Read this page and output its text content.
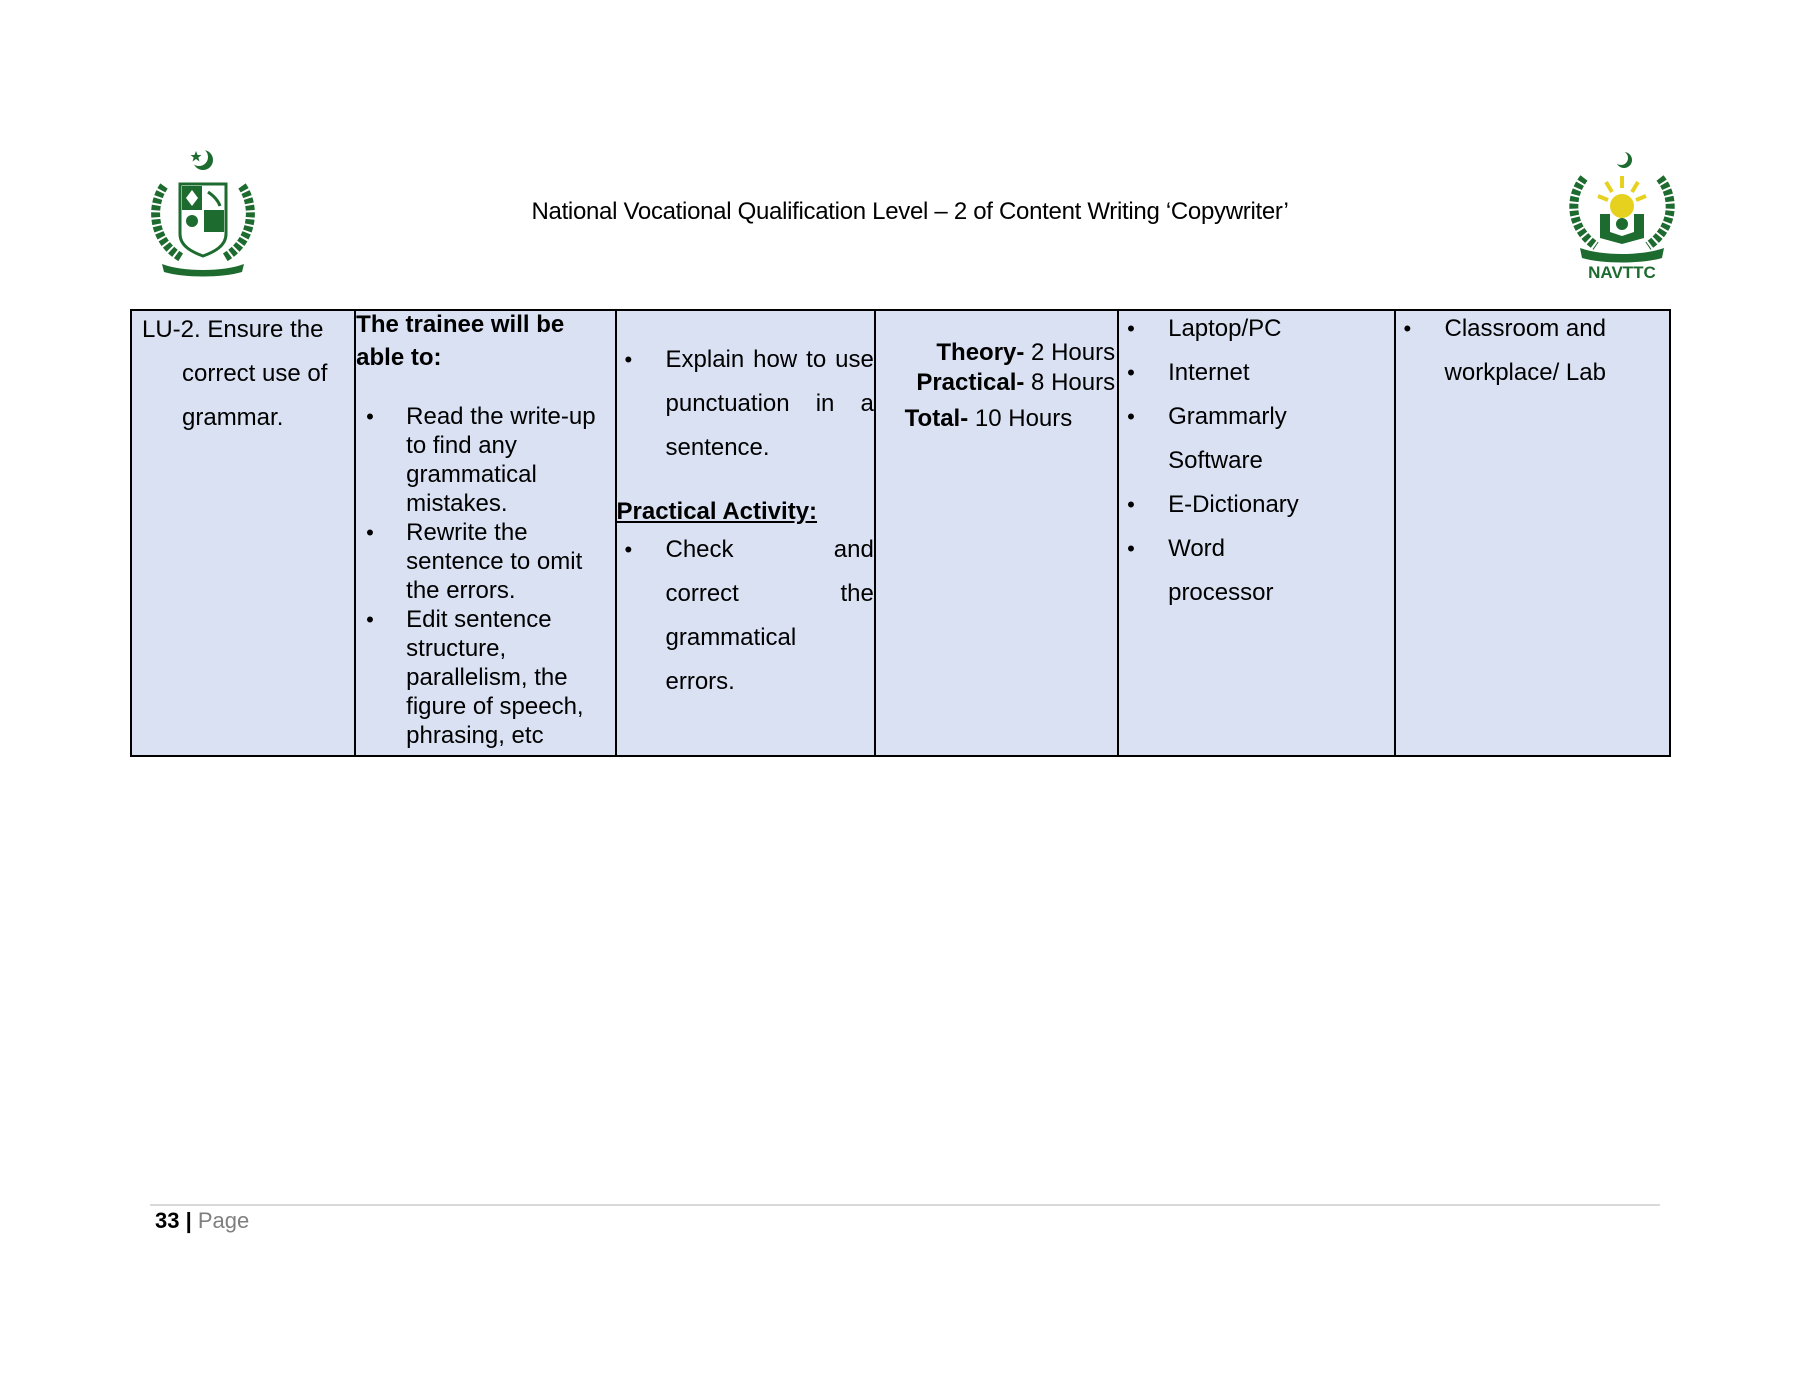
National Vocational Qualification Level – 2 of Content Writing ‘Copywriter’
NAVTTC
LU-2. Ensure the
correct use of
grammar.

The trainee will be able to:
• Read the write-up to find any grammatical mistakes.
• Rewrite the sentence to omit the errors.
• Edit sentence structure, parallelism, the figure of speech, phrasing, etc

• Explain how to use punctuation in a sentence.
Practical Activity:
• Check	and
correct	the
grammatical
errors.

Theory- 2 Hours
Practical- 8 Hours
Total- 10 Hours

• Laptop/PC
• Internet
• Grammarly
Software
• E-Dictionary
• Word
processor

• Classroom and
workplace/ Lab
33 | Page
